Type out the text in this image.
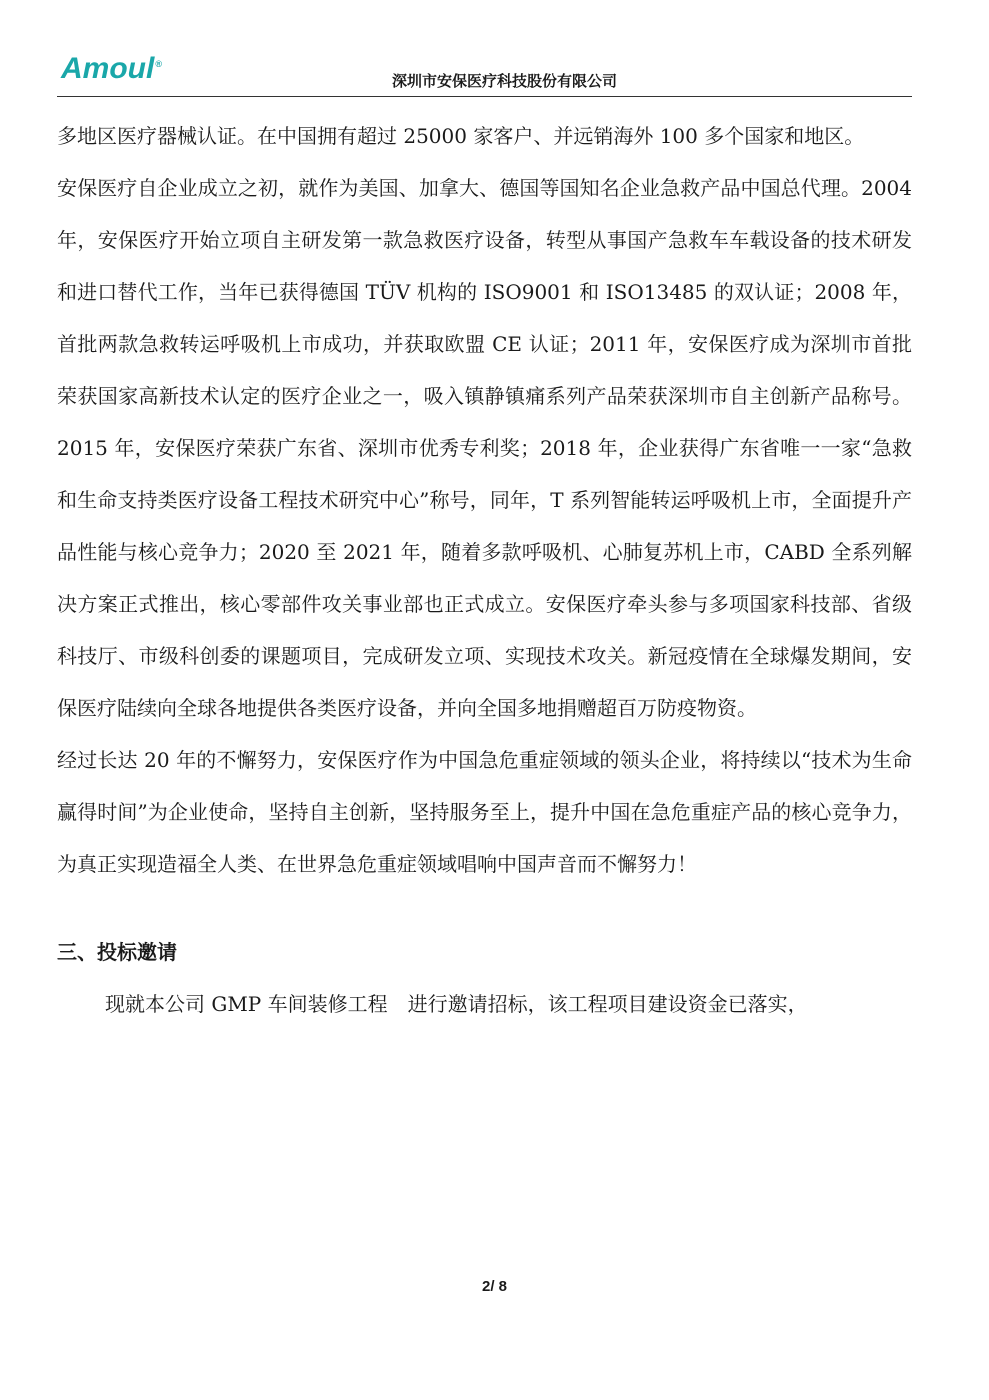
Amoul®
深圳市安保医疗科技股份有限公司

多地区医疗器械认证。在中国拥有超过 25000 家客户、并远销海外 100 多个国家和地区。

安保医疗自企业成立之初，就作为美国、加拿大、德国等国知名企业急救产品中国总代理。2004 年，安保医疗开始立项自主研发第一款急救医疗设备，转型从事国产急救车车载设备的技术研发和进口替代工作，当年已获得德国 TÜV 机构的 ISO9001 和 ISO13485 的双认证；2008 年，首批两款急救转运呼吸机上市成功，并获取欧盟 CE 认证；2011 年，安保医疗成为深圳市首批荣获国家高新技术认定的医疗企业之一，吸入镇静镇痛系列产品荣获深圳市自主创新产品称号。2015 年，安保医疗荣获广东省、深圳市优秀专利奖；2018 年，企业获得广东省唯一一家“急救和生命支持类医疗设备工程技术研究中心”称号，同年，T 系列智能转运呼吸机上市，全面提升产品性能与核心竞争力；2020 至 2021 年，随着多款呼吸机、心肺复苏机上市，CABD 全系列解决方案正式推出，核心零部件攻关事业部也正式成立。安保医疗牵头参与多项国家科技部、省级科技厅、市级科创委的课题项目，完成研发立项、实现技术攻关。新冠疫情在全球爆发期间，安保医疗陆续向全球各地提供各类医疗设备，并向全国多地捐赠超百万防疫物资。

经过长达 20 年的不懈努力，安保医疗作为中国急危重症领域的领头企业，将持续以“技术为生命赢得时间”为企业使命，坚持自主创新，坚持服务至上，提升中国在急危重症产品的核心竞争力，为真正实现造福全人类、在世界急危重症领域唱响中国声音而不懈努力！

三、投标邀请

现就本公司 GMP 车间装修工程　进行邀请招标，该工程项目建设资金已落实，

2/ 8
